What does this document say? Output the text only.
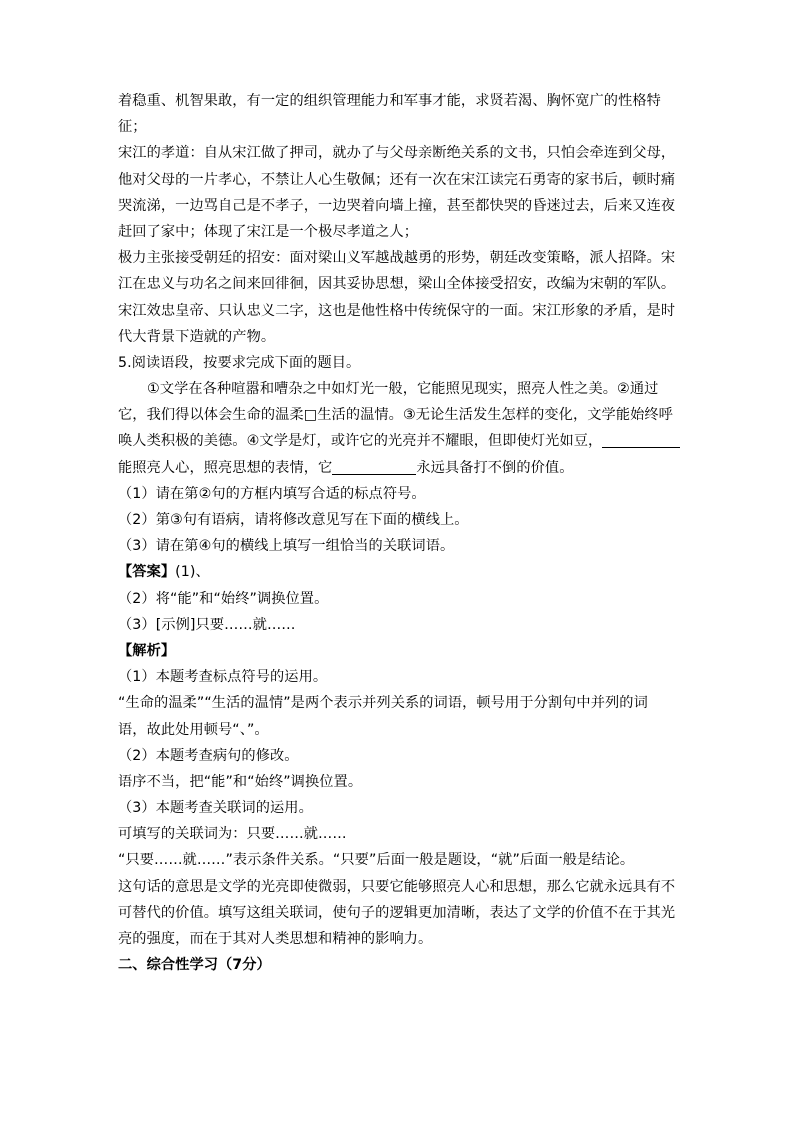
着稳重、机智果敢，有一定的组织管理能力和军事才能，求贤若渴、胸怀宽广的性格特
征；
宋江的孝道：自从宋江做了押司，就办了与父母亲断绝关系的文书，只怕会牵连到父母，
他对父母的一片孝心，不禁让人心生敬佩；还有一次在宋江读完石勇寄的家书后，顿时痛
哭流涕，一边骂自己是不孝子，一边哭着向墙上撞，甚至都快哭的昏迷过去，后来又连夜
赶回了家中；体现了宋江是一个极尽孝道之人；
极力主张接受朝廷的招安：面对梁山义军越战越勇的形势，朝廷改变策略，派人招降。宋
江在忠义与功名之间来回徘徊，因其妥协思想，梁山全体接受招安，改编为宋朝的军队。
宋江效忠皇帝、只认忠义二字，这也是他性格中传统保守的一面。宋江形象的矛盾，是时
代大背景下造就的产物。
5.阅读语段，按要求完成下面的题目。
①文学在各种喧嚣和嘈杂之中如灯光一般，它能照见现实，照亮人性之美。②通过
它，我们得以体会生命的温柔□生活的温情。③无论生活发生怎样的变化，文学能始终呼
唤人类积极的美德。④文学是灯，或许它的光亮并不耀眼，但即使灯光如豆，
能照亮人心，照亮思想的表情，它	永远具备打不倒的价值。
（1）请在第②句的方框内填写合适的标点符号。
（2）第③句有语病，请将修改意见写在下面的横线上。
（3）请在第④句的横线上填写一组恰当的关联词语。
【答案】(1)、
（2）将“能”和“始终”调换位置。
（3）[示例]只要……就……
【解析】
（1）本题考查标点符号的运用。
“生命的温柔”“生活的温情”是两个表示并列关系的词语，顿号用于分割句中并列的词
语，故此处用顿号“、”。
（2）本题考查病句的修改。
语序不当，把“能”和“始终”调换位置。
（3）本题考查关联词的运用。
可填写的关联词为：只要……就……
“只要……就……”表示条件关系。“只要”后面一般是题设，“就”后面一般是结论。
这句话的意思是文学的光亮即使微弱，只要它能够照亮人心和思想，那么它就永远具有不
可替代的价值。填写这组关联词，使句子的逻辑更加清晰，表达了文学的价值不在于其光
亮的强度，而在于其对人类思想和精神的影响力。
二、综合性学习（7分）
